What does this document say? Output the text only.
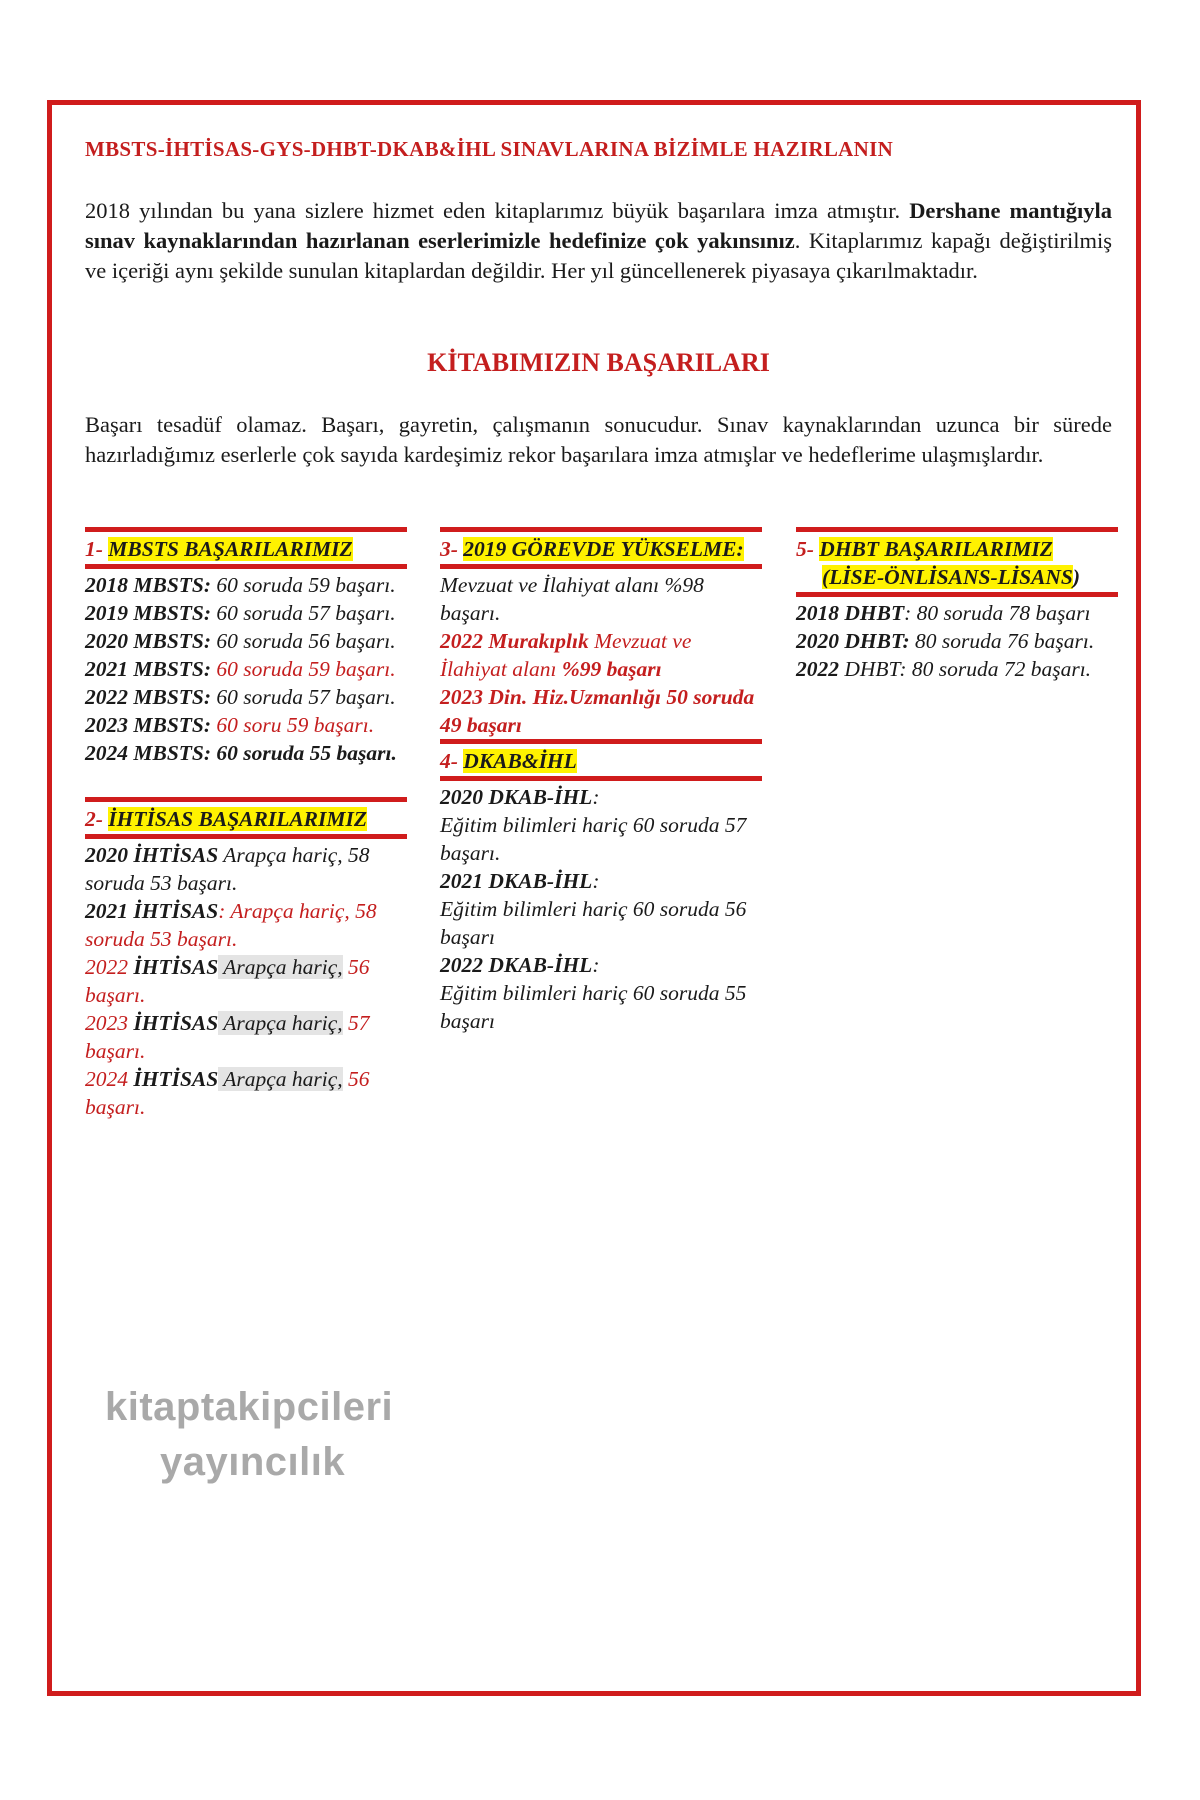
MBSTS-İHTİSAS-GYS-DHBT-DKAB&İHL SINAVLARINA BİZİMLE HAZIRLANIN
2018 yılından bu yana sizlere hizmet eden kitaplarımız büyük başarılara imza atmıştır. Dershane mantığıyla sınav kaynaklarından hazırlanan eserlerimizle hedefinize çok yakınsınız. Kitaplarımız kapağı değiştirilmiş ve içeriği aynı şekilde sunulan kitaplardan değildir. Her yıl güncellenerek piyasaya çıkarılmaktadır.
KİTABIMIZIN BAŞARILARI
Başarı tesadüf olamaz. Başarı, gayretin, çalışmanın sonucudur. Sınav kaynaklarından uzunca bir sürede hazırladığımız eserlerle çok sayıda kardeşimiz rekor başarılara imza atmışlar ve hedeflerime ulaşmışlardır.
1- MBSTS BAŞARILARIMIZ
2018 MBSTS: 60 soruda 59 başarı.
2019 MBSTS: 60 soruda 57 başarı.
2020 MBSTS: 60 soruda 56 başarı.
2021 MBSTS: 60 soruda 59 başarı.
2022 MBSTS: 60 soruda 57 başarı.
2023 MBSTS: 60 soru 59 başarı.
2024 MBSTS: 60 soruda 55 başarı.
2- İHTİSAS BAŞARILARIMIZ
2020 İHTİSAS Arapça hariç, 58 soruda 53 başarı.
2021 İHTİSAS: Arapça hariç, 58 soruda 53 başarı.
2022 İHTİSAS Arapça hariç, 56 başarı.
2023 İHTİSAS Arapça hariç, 57 başarı.
2024 İHTİSAS Arapça hariç, 56 başarı.
3- 2019 GÖREVDE YÜKSELME:
Mevzuat ve İlahiyat alanı %98 başarı.
2022 Murakıplık Mevzuat ve İlahiyat alanı %99 başarı
2023 Din. Hiz.Uzmanlığı 50 soruda 49 başarı
4- DKAB&İHL
2020 DKAB-İHL:
Eğitim bilimleri hariç 60 soruda 57 başarı.
2021 DKAB-İHL:
Eğitim bilimleri hariç 60 soruda 56 başarı
2022 DKAB-İHL:
Eğitim bilimleri hariç 60 soruda 55 başarı
5- DHBT BAŞARILARIMIZ
(LİSE-ÖNLİSANS-LİSANS)
2018 DHBT: 80 soruda 78 başarı
2020 DHBT: 80 soruda 76 başarı.
2022 DHBT: 80 soruda 72 başarı.
kitaptakipcileri
yayıncılık
